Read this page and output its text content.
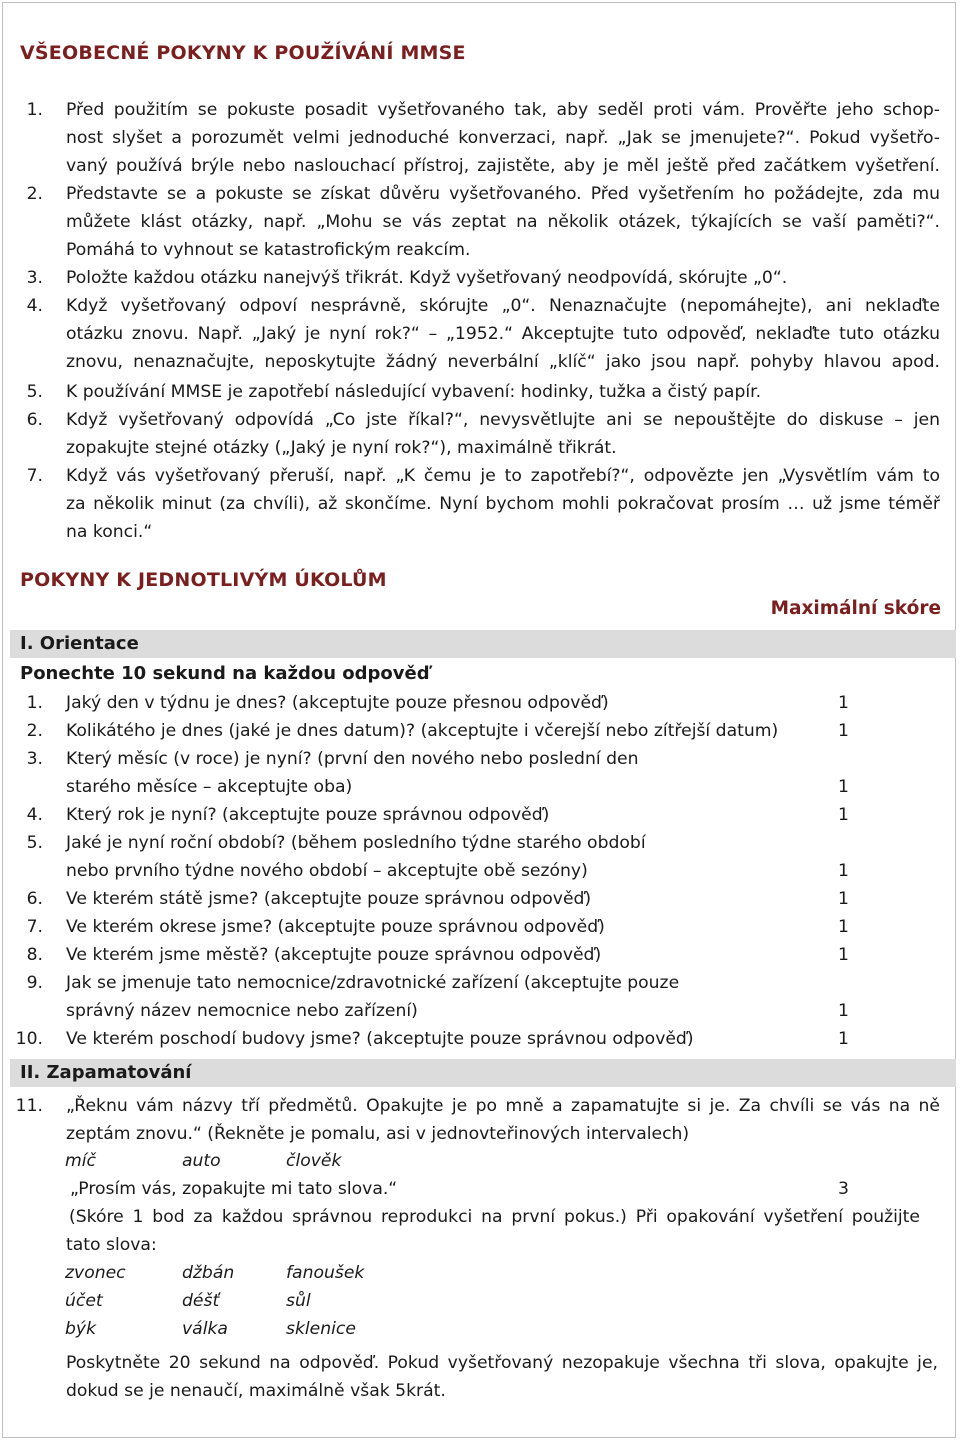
VŠEOBECNÉ POKYNY K POUŽÍVÁNÍ MMSE
1. Před použitím se pokuste posadit vyšetřovaného tak, aby seděl proti vám. Prověřte jeho schop-
nost slyšet a porozumět velmi jednoduché konverzaci, např. „Jak se jmenujete?“. Pokud vyšetřo-
vaný používá brýle nebo naslouchací přístroj, zajistěte, aby je měl ještě před začátkem vyšetření.
2. Představte se a pokuste se získat důvěru vyšetřovaného. Před vyšetřením ho požádejte, zda mu
můžete klást otázky, např. „Mohu se vás zeptat na několik otázek, týkajících se vaší paměti?“.
Pomáhá to vyhnout se katastrofickým reakcím.
3. Položte každou otázku nanejvýš třikrát. Když vyšetřovaný neodpovídá, skórujte „0“.
4. Když vyšetřovaný odpoví nesprávně, skórujte „0“. Nenaznačujte (nepomáhejte), ani neklaďte
otázku znovu. Např. „Jaký je nyní rok?“ – „1952.“ Akceptujte tuto odpověď, neklaďte tuto otázku
znovu, nenaznačujte, neposkytujte žádný neverbální „klíč“ jako jsou např. pohyby hlavou apod.
5. K používání MMSE je zapotřebí následující vybavení: hodinky, tužka a čistý papír.
6. Když vyšetřovaný odpovídá „Co jste říkal?“, nevysvětlujte ani se nepouštějte do diskuse – jen
zopakujte stejné otázky („Jaký je nyní rok?“), maximálně třikrát.
7. Když vás vyšetřovaný přeruší, např. „K čemu je to zapotřebí?“, odpovězte jen „Vysvětlím vám to
za několik minut (za chvíli), až skončíme. Nyní bychom mohli pokračovat prosím … už jsme téměř
na konci.“
POKYNY K JEDNOTLIVÝM ÚKOLŮM
Maximální skóre
I. Orientace
Ponechte 10 sekund na každou odpověď
1. Jaký den v týdnu je dnes? (akceptujte pouze přesnou odpověď)	1
2. Kolikátého je dnes (jaké je dnes datum)? (akceptujte i včerejší nebo zítřejší datum)	1
3. Který měsíc (v roce) je nyní? (první den nového nebo poslední den
starého měsíce – akceptujte oba)	1
4. Který rok je nyní? (akceptujte pouze správnou odpověď)	1
5. Jaké je nyní roční období? (během posledního týdne starého období
nebo prvního týdne nového období – akceptujte obě sezóny)	1
6. Ve kterém státě jsme? (akceptujte pouze správnou odpověď)	1
7. Ve kterém okrese jsme? (akceptujte pouze správnou odpověď)	1
8. Ve kterém jsme městě? (akceptujte pouze správnou odpověď)	1
9. Jak se jmenuje tato nemocnice/zdravotnické zařízení (akceptujte pouze
správný název nemocnice nebo zařízení)	1
10. Ve kterém poschodí budovy jsme? (akceptujte pouze správnou odpověď)	1
II. Zapamatování
11. „Řeknu vám názvy tří předmětů. Opakujte je po mně a zapamatujte si je. Za chvíli se vás na ně
zeptám znovu.“ (Řekněte je pomalu, asi v jednovteřinových intervalech)
míč	auto	člověk
„Prosím vás, zopakujte mi tato slova.“	3
(Skóre 1 bod za každou správnou reprodukci na první pokus.) Při opakování vyšetření použijte
tato slova:
zvonec	džbán	fanoušek
účet	déšť	sůl
býk	válka	sklenice
Poskytněte 20 sekund na odpověď. Pokud vyšetřovaný nezopakuje všechna tři slova, opakujte je,
dokud se je nenaučí, maximálně však 5krát.
